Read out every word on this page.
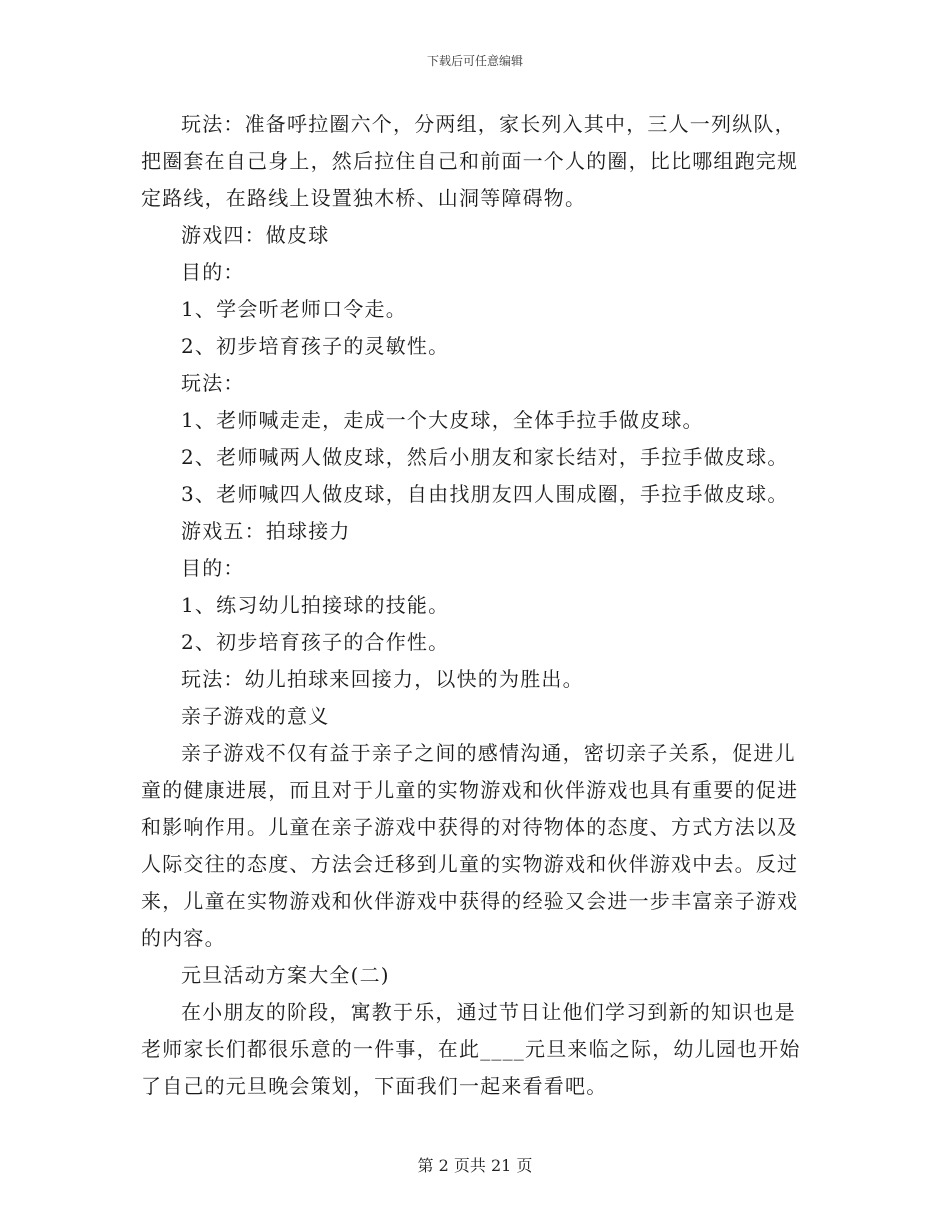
下载后可任意编辑

玩法：准备呼拉圈六个，分两组，家长列入其中，三人一列纵队，把圈套在自己身上，然后拉住自己和前面一个人的圈，比比哪组跑完规定路线，在路线上设置独木桥、山洞等障碍物。

游戏四：做皮球

目的：

1、学会听老师口令走。

2、初步培育孩子的灵敏性。

玩法：

1、老师喊走走，走成一个大皮球，全体手拉手做皮球。

2、老师喊两人做皮球，然后小朋友和家长结对，手拉手做皮球。

3、老师喊四人做皮球，自由找朋友四人围成圈，手拉手做皮球。

游戏五：拍球接力

目的：

1、练习幼儿拍接球的技能。

2、初步培育孩子的合作性。

玩法：幼儿拍球来回接力，以快的为胜出。

亲子游戏的意义

亲子游戏不仅有益于亲子之间的感情沟通，密切亲子关系，促进儿童的健康进展，而且对于儿童的实物游戏和伙伴游戏也具有重要的促进和影响作用。儿童在亲子游戏中获得的对待物体的态度、方式方法以及人际交往的态度、方法会迁移到儿童的实物游戏和伙伴游戏中去。反过来，儿童在实物游戏和伙伴游戏中获得的经验又会进一步丰富亲子游戏的内容。

元旦活动方案大全(二)

在小朋友的阶段，寓教于乐，通过节日让他们学习到新的知识也是老师家长们都很乐意的一件事，在此____元旦来临之际，幼儿园也开始了自己的元旦晚会策划，下面我们一起来看看吧。

第 2 页共 21 页
